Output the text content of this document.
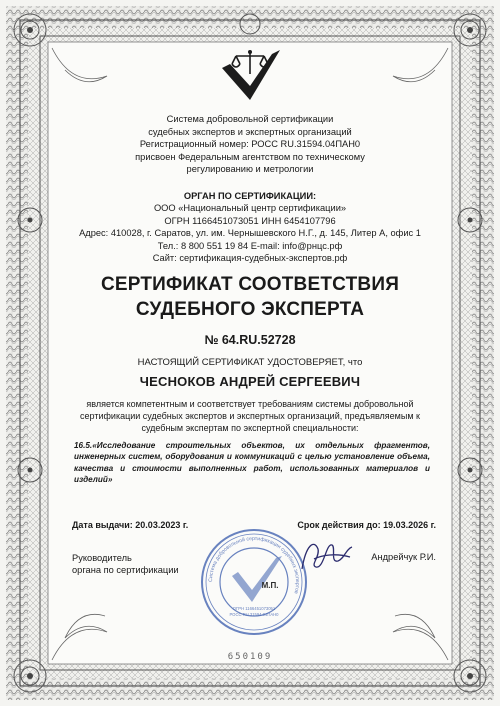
Система добровольной сертификации
судебных экспертов и экспертных организаций
Регистрационный номер: РОСС RU.31594.04ПАН0
присвоен Федеральным агентством по техническому
регулированию и метрологии
ОРГАН ПО СЕРТИФИКАЦИИ:
ООО «Национальный центр сертификации»
ОГРН 1166451073051 ИНН 6454107796
Адрес: 410028, г. Саратов, ул. им. Чернышевского Н.Г., д. 145, Литер А, офис 1
Тел.: 8 800 551 19 84 E-mail: info@рнцс.рф
Сайт: сертификация-судебных-экспертов.рф
СЕРТИФИКАТ СООТВЕТСТВИЯ
СУДЕБНОГО ЭКСПЕРТА
№ 64.RU.52728
НАСТОЯЩИЙ СЕРТИФИКАТ УДОСТОВЕРЯЕТ, что
ЧЕСНОКОВ АНДРЕЙ СЕРГЕЕВИЧ
является компетентным и соответствует требованиям системы добровольной
сертификации судебных экспертов и экспертных организаций, предъявляемым к
судебным экспертам по экспертной специальности:
16.5.«Исследование строительных объектов, их отдельных фрагментов, инженерных систем, оборудования и коммуникаций с целью установление объема, качества и стоимости выполненных работ, использованных материалов и изделий»
Дата выдачи: 20.03.2023 г.	Срок действия до: 19.03.2026 г.
Система добровольной сертификации судебных экспертов
ОГРН 1166451073051
РОСС RU.31594.04ПАН0
М.П.
Руководитель
органа по сертификации
Андрейчук Р.И.
650109
